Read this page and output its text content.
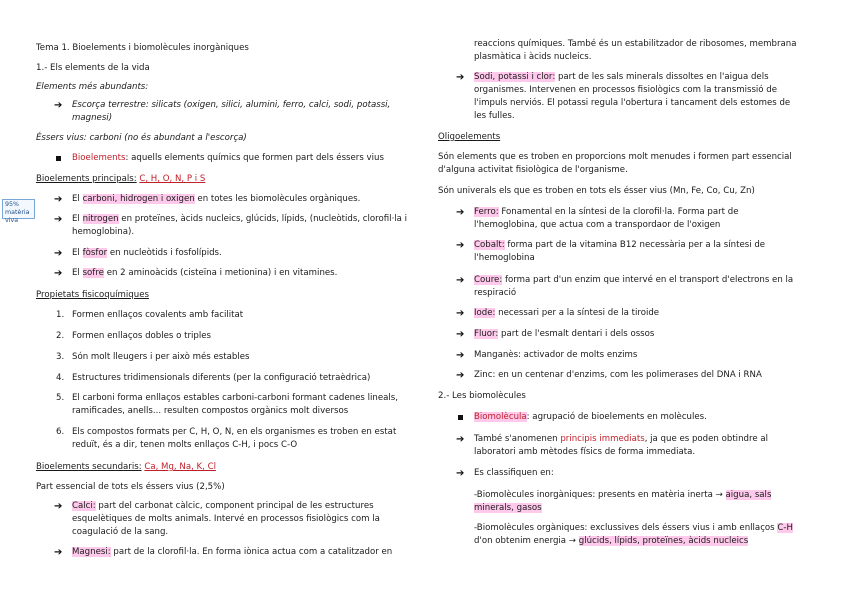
95% matèria viva
Tema 1. Bioelements i biomolècules inorgàniques
1.- Els elements de la vida
Elements més abundants:
➔ Escorça terrestre: silicats (oxigen, silici, alumini, ferro, calci, sodi, potassi,
magnesi)
Éssers vius: carboni (no és abundant a l'escorça)
Bioelements: aquells elements químics que formen part dels éssers vius
Bioelements principals: C, H, O, N, P i S
➔ El carboni, hidrogen i oxigen en totes les biomolècules orgàniques.
➔ El nitrogen en proteïnes, àcids nucleics, glúcids, lípids, (nucleòtids, clorofil·la i
hemoglobina).
➔ El fòsfor en nucleòtids i fosfolípids.
➔ El sofre en 2 aminoàcids (cisteïna i metionina) i en vitamines.
Propietats fisicoquímiques
1. Formen enllaços covalents amb facilitat
2. Formen enllaços dobles o triples
3. Són molt lleugers i per això més estables
4. Estructures tridimensionals diferents (per la configuració tetraèdrica)
5. El carboni forma enllaços estables carboni-carboni formant cadenes lineals,
ramificades, anells... resulten compostos orgànics molt diversos
6. Els compostos formats per C, H, O, N, en els organismes es troben en estat
reduït, és a dir, tenen molts enllaços C-H, i pocs C-O
Bioelements secundaris: Ca, Mg, Na, K, Cl
Part essencial de tots els éssers vius (2,5%)
➔ Calci: part del carbonat càlcic, component principal de les estructures
esquelètiques de molts animals. Intervé en processos fisiològics com la
coagulació de la sang.
➔ Magnesi: part de la clorofil·la. En forma iònica actua com a catalitzador en
reaccions químiques. També és un estabilitzador de ribosomes, membrana
plasmàtica i àcids nucleics.
➔ Sodi, potassi i clor: part de les sals minerals dissoltes en l'aigua dels
organismes. Intervenen en processos fisiològics com la transmissió de
l'impuls nerviós. El potassi regula l'obertura i tancament dels estomes de
les fulles.
Oligoelements
Són elements que es troben en proporcions molt menudes i formen part essencial
d'alguna activitat fisiològica de l'organisme.
Són univerals els que es troben en tots els ésser vius (Mn, Fe, Co, Cu, Zn)
➔ Ferro: Fonamental en la síntesi de la clorofil·la. Forma part de
l'hemoglobina, que actua com a transpordaor de l'oxigen
➔ Cobalt: forma part de la vitamina B12 necessària per a la síntesi de
l'hemoglobina
➔ Coure: forma part d'un enzim que intervé en el transport d'electrons en la
respiració
➔ Iode: necessari per a la síntesi de la tiroide
➔ Fluor: part de l'esmalt dentari i dels ossos
➔ Manganès: activador de molts enzims
➔ Zinc: en un centenar d'enzims, com les polimerases del DNA i RNA
2.- Les biomolècules
Biomolècula: agrupació de bioelements en molècules.
➔ També s'anomenen principis immediats, ja que es poden obtindre al
laboratori amb mètodes físics de forma immediata.
➔ Es classifiquen en:
-Biomolècules inorgàniques: presents en matèria inerta → aigua, sals
minerals, gasos
-Biomolècules orgàniques: exclussives dels éssers vius i amb enllaços C-H
d'on obtenim energia → glúcids, lípids, proteïnes, àcids nucleics
